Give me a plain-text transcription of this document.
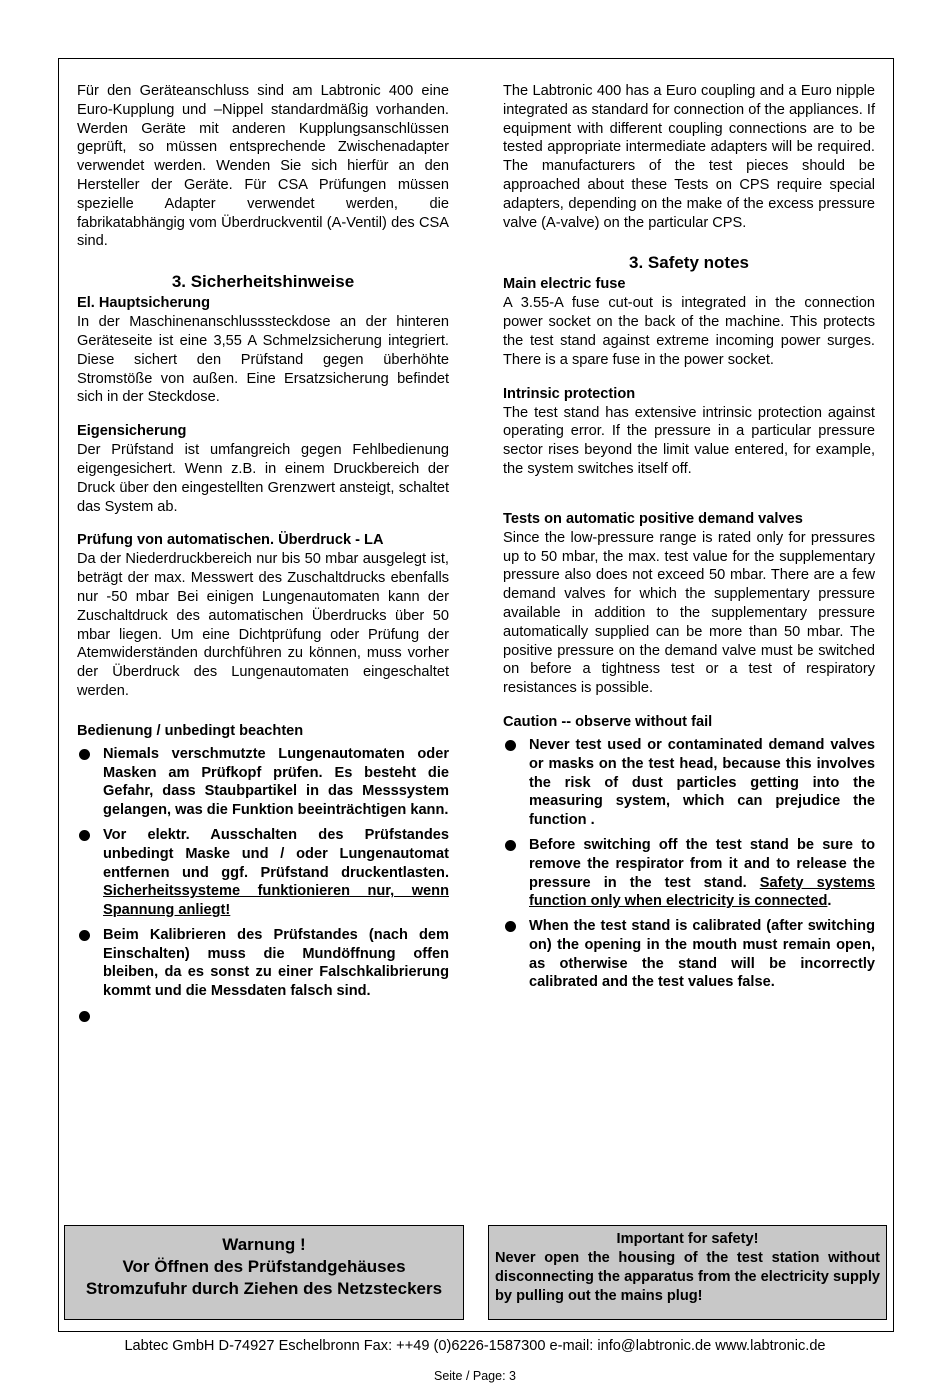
Für den Geräteanschluss sind am Labtronic 400 eine Euro-Kupplung und –Nippel standardmäßig vorhanden. Werden Geräte mit anderen Kupplungsanschlüssen geprüft, so müssen entsprechende Zwischenadapter verwendet werden. Wenden Sie sich hierfür an den Hersteller der Geräte. Für CSA Prüfungen müssen spezielle Adapter verwendet werden, die fabrikatabhängig vom Überdruckventil (A-Ventil) des CSA sind.

3. Sicherheitshinweise

El. Hauptsicherung

In der Maschinenanschlusssteckdose an der hinteren Geräteseite ist eine 3,55 A Schmelzsicherung integriert. Diese sichert den Prüfstand gegen überhöhte Stromstöße von außen. Eine Ersatzsicherung befindet sich in der Steckdose.

Eigensicherung

Der Prüfstand ist umfangreich gegen Fehlbedienung eigengesichert. Wenn z.B. in einem Druckbereich der Druck über den eingestellten Grenzwert ansteigt, schaltet das System ab.

Prüfung von automatischen. Überdruck - LA

Da der Niederdruckbereich nur bis 50 mbar ausgelegt ist, beträgt der max. Messwert des Zuschaltdrucks ebenfalls nur -50 mbar Bei einigen Lungenautomaten kann der Zuschaltdruck des automatischen Überdrucks über 50 mbar liegen. Um eine Dichtprüfung oder Prüfung der Atemwiderständen durchführen zu können, muss vorher der Überdruck des Lungenautomaten eingeschaltet werden.

Bedienung / unbedingt beachten

Niemals verschmutzte Lungenautomaten oder Masken am Prüfkopf prüfen. Es besteht die Gefahr, dass Staubpartikel in das Messsystem gelangen, was die Funktion beeinträchtigen kann.
Vor elektr. Ausschalten des Prüfstandes unbedingt Maske und / oder Lungenautomat entfernen und ggf. Prüfstand druckentlasten. Sicherheitssysteme funktionieren nur, wenn Spannung anliegt!
Beim Kalibrieren des Prüfstandes (nach dem Einschalten) muss die Mundöffnung offen bleiben, da es sonst zu einer Falschkalibrierung kommt und die Messdaten falsch sind.

The Labtronic 400 has a Euro coupling and a Euro nipple integrated as standard for connection of the appliances. If equipment with different coupling connections are to be tested appropriate intermediate adapters will be required. The manufacturers of the test pieces should be approached about these Tests on CPS require special adapters, depending on the make of the excess pressure valve (A-valve) on the particular CPS.

3. Safety notes

Main electric fuse

A 3.55-A fuse cut-out is integrated in the connection power socket on the back of the machine. This protects the test stand against extreme incoming power surges. There is a spare fuse in the power socket.

Intrinsic protection

The test stand has extensive intrinsic protection against operating error. If the pressure in a particular pressure sector rises beyond the limit value entered, for example, the system switches itself off.

Tests on automatic positive demand valves

Since the low-pressure range is rated only for pressures up to 50 mbar, the max. test value for the supplementary pressure also does not exceed 50 mbar. There are a few demand valves for which the supplementary pressure available in addition to the supplementary pressure automatically supplied can be more than 50 mbar. The positive pressure on the demand valve must be switched on before a tightness test or a test of respiratory resistances is possible.

Caution -- observe without fail

Never test used or contaminated demand valves or masks on the test head, because this involves the risk of dust particles getting into the measuring system, which can prejudice the function .
Before switching off the test stand be sure to remove the respirator from it and to release the pressure in the test stand. Safety systems function only when electricity is connected.
When the test stand is calibrated (after switching on) the opening in the mouth must remain open, as otherwise the stand will be incorrectly calibrated and the test values false.
Warnung !
Vor Öffnen des Prüfstandgehäuses
Stromzufuhr durch Ziehen des Netzsteckers

Important for safety!

Never open the housing of the test station without disconnecting the apparatus from the electricity supply by pulling out the mains plug!

Labtec GmbH D-74927 Eschelbronn Fax: ++49 (0)6226-1587300 e-mail: info@labtronic.de www.labtronic.de
Seite / Page: 3
